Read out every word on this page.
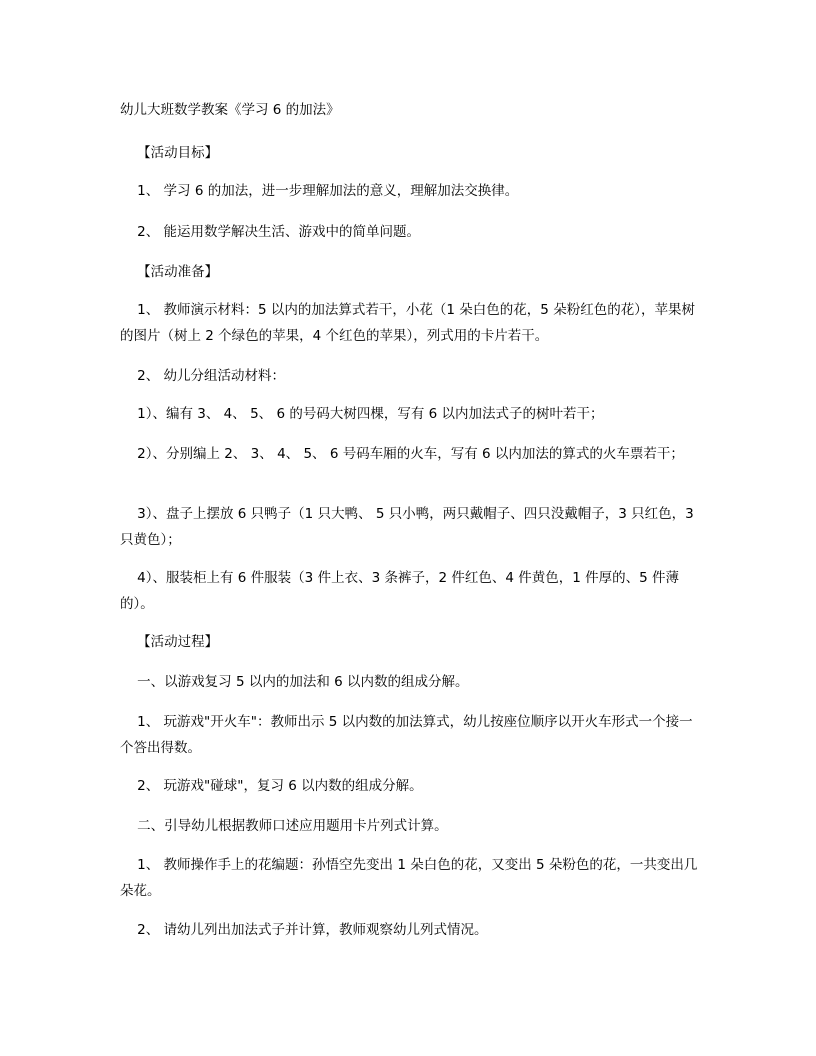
幼儿大班数学教案《学习 6 的加法》

【活动目标】

1、 学习 6 的加法，进一步理解加法的意义，理解加法交换律。

2、 能运用数学解决生活、游戏中的简单问题。

【活动准备】

1、 教师演示材料：5 以内的加法算式若干，小花（1 朵白色的花，5 朵粉红色的花），苹果树的图片（树上 2 个绿色的苹果，4 个红色的苹果），列式用的卡片若干。

2、 幼儿分组活动材料：

1）、编有 3、 4、 5、 6 的号码大树四棵，写有 6 以内加法式子的树叶若干；

2）、分别编上 2、 3、 4、 5、 6 号码车厢的火车，写有 6 以内加法的算式的火车票若干；

3）、盘子上摆放 6 只鸭子（1 只大鸭、 5 只小鸭，两只戴帽子、四只没戴帽子，3 只红色，3 只黄色）；

4）、服装柜上有 6 件服装（3 件上衣、3 条裤子，2 件红色、4 件黄色，1 件厚的、5 件薄的）。

【活动过程】

一、以游戏复习 5 以内的加法和 6 以内数的组成分解。

1、 玩游戏"开火车"：教师出示 5 以内数的加法算式，幼儿按座位顺序以开火车形式一个接一个答出得数。

2、 玩游戏"碰球"，复习 6 以内数的组成分解。

二、引导幼儿根据教师口述应用题用卡片列式计算。

1、 教师操作手上的花编题：孙悟空先变出 1 朵白色的花，又变出 5 朵粉色的花，一共变出几朵花。

2、 请幼儿列出加法式子并计算，教师观察幼儿列式情况。
